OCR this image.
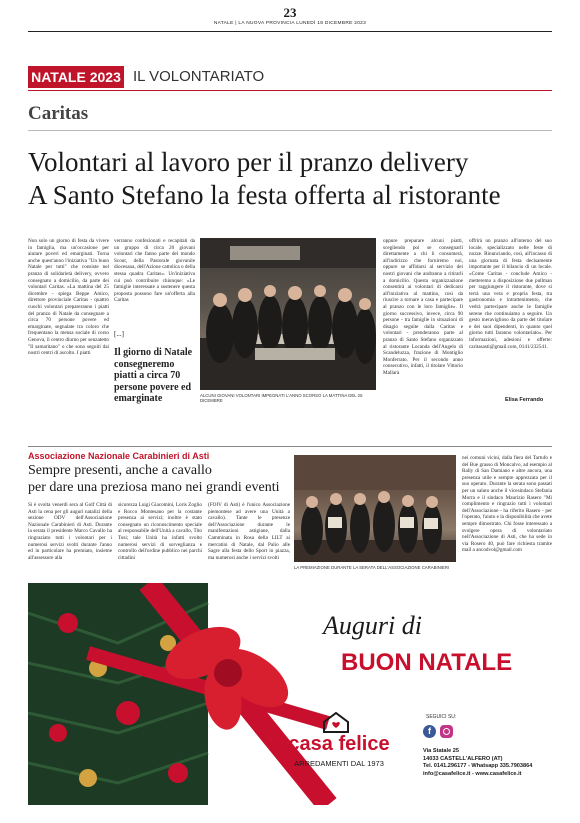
23
NATALE | LA NUOVA PROVINCIA LUNEDÌ 18 DICEMBRE 2023
NATALE 2023 IL VOLONTARIATO
Caritas
Volontari al lavoro per il pranzo delivery
A Santo Stefano la festa offerta al ristorante
Non solo un giorno di festa da vivere in famiglia, ma un'occasione per aiutare poveri ed emarginati. Torna anche quest'anno l'iniziativa "Un buon Natale per tutti" che consiste nel pranzo di solidarietà delivery, ovvero consegnato a domicilio, da parte dei volontari Caritas. «La mattina del 25 dicembre - spiega Beppe Amico, direttore provinciale Caritas - quattro cuochi volontari prepareranno i piatti del pranzo di Natale da consegnare a circa 70 persone povere ed emarginate, segnalate tra coloro che frequentano la mensa sociale di corso Genova, il centro diurno per senzatetto "Il samaritano" o che sono seguiti dai nostri centri di ascolto. I piatti
verranno confezionati e recapitati da un gruppo di circa 20 giovani volontari che fanno parte del mondo Scout, della Pastorale giovanile diocesana, dell'Azione cattolica o della stessa quadra Caritas». Un'iniziativa cui può contribuire chiunque: «Le famiglie interessate a sostenere questa proposta possono fare un'offerta alla Caritas
[...]
Il giorno di Natale consegneremo piatti a circa 70 persone povere ed emarginate	ALCUNI GIOVANI VOLONTARI IMPEGNATI L'ANNO SCORSO LA MATTINA DEL 25 DICEMBRE
oppure preparare alcuni piatti, scegliendo poi se consegnarli direttamente a chi li consumerà, all'indirizzo che forniremo noi, oppure se affidarsi al servizio dei nostri giovani che andranno a ritirarli a domicilio. Questa organizzazione consentirà ai volontari di dedicarsi all'iniziativa al mattino, così da riuscire a tornare a casa e partecipare al pranzo con le loro famiglie». Il giorno successivo, invece, circa 90 persone - tra famiglie in situazioni di disagio seguite dalla Caritas e volontari - prenderanno parte al pranzo di Santo Stefano organizzato al ristorante Locanda dell'Angelo di Scandeluzza, frazione di Montiglio Monferrato. Per il secondo anno consecutivo, infatti, il titolare Vittorio Mallarà
offrirà un pranzo all'interno del suo locale, specializzato nelle feste di nozze. Rinunciando, così, all'incasso di una giornata di festa decisamente importante per il bilancio di un locale. «Come Caritas - conclude Amico - metteremo a disposizione due pullman per raggiungere il ristorante, dove si terrà una vera e propria festa, tra gastronomia e intrattenimento, che vedrà partecipare anche le famiglie serene che continuiamo a seguire. Un gesto meraviglioso da parte del titolare e dei suoi dipendenti, in quanto quel giorno tutti faranno volontariato». Per informazioni, adesioni e offerte: caritasasti@gmail.com, 0141/232541.
Elisa Ferrando
Associazione Nazionale Carabinieri di Asti
Sempre presenti, anche a cavallo
per dare una preziosa mano nei grandi eventi
Si è svolta venerdì sera al Golf Città di Asti la cena per gli auguri natalizi della sezione ODV dell'Associazione Nazionale Carabinieri di Asti. Durante la serata il presidente Marco Cavallo ha ringraziato tutti i volontari per i numerosi servizi svolti durante l'anno ed in particolare ha premiato, insieme all'assessore alla
sicurezza Luigi Giacomini, Loris Zoglio e Rocco Montesano per la costante presenza ai servizi; inoltre è stato consegnato un riconoscimento speciale al responsabile dell'Unità a cavallo, Tito Tosi; tale Unità ha infatti svolto numerosi servizi di sorveglianza e controllo dell'ordine pubblico nei parchi cittadini
(FOIV di Asti) è l'unico Associazione piemontese ad avere una Unità a cavallo). Tante le presenze dell'Associazione durante le manifestazioni astigiane, dalla Camminata in Rosa della LILT ai mercatini di Natale, dal Palio alle Sagre alla festa dello Sport in piazza, ma numerosi anche i servizi svolti
LA PREMIAZIONE DURANTE LA SERATA DELL'ASSOCIAZIONE CARABINIERI
nei comuni vicini, dalla fiera del Tartufo e del Bue grasso di Moncalvo, ad esempio al Rally di San Damiano e altre ancora, una presenza utile e sempre apprezzata per il suo operato. Durante la serata sono passati per un saluto anche il vicesindaco Stefania Morra e il sindaco Maurizio Rasero "Mi complimento e ringrazio tutti i volontari dell'Associazione - ha riferito Rasero - per l'operato, l'aiuto e la disponibilità che avete sempre dimostrato. Chi fosse interessato a svolgere opera di volontariato nell'Associazione di Asti, che ha sede in via Rosero 40, può fare richiesta tramite mail a ancodvol@gmail.com
Auguri di
BUON NATALE
casa felice
ARREDAMENTI DAL 1973
SEGUICI SU:
f
Via Statale 25
14033 CASTELL'ALFERO (AT)
Tel. 0141.296177 - Whatsapp 335.7903864
info@casafelice.it - www.casafelice.it
